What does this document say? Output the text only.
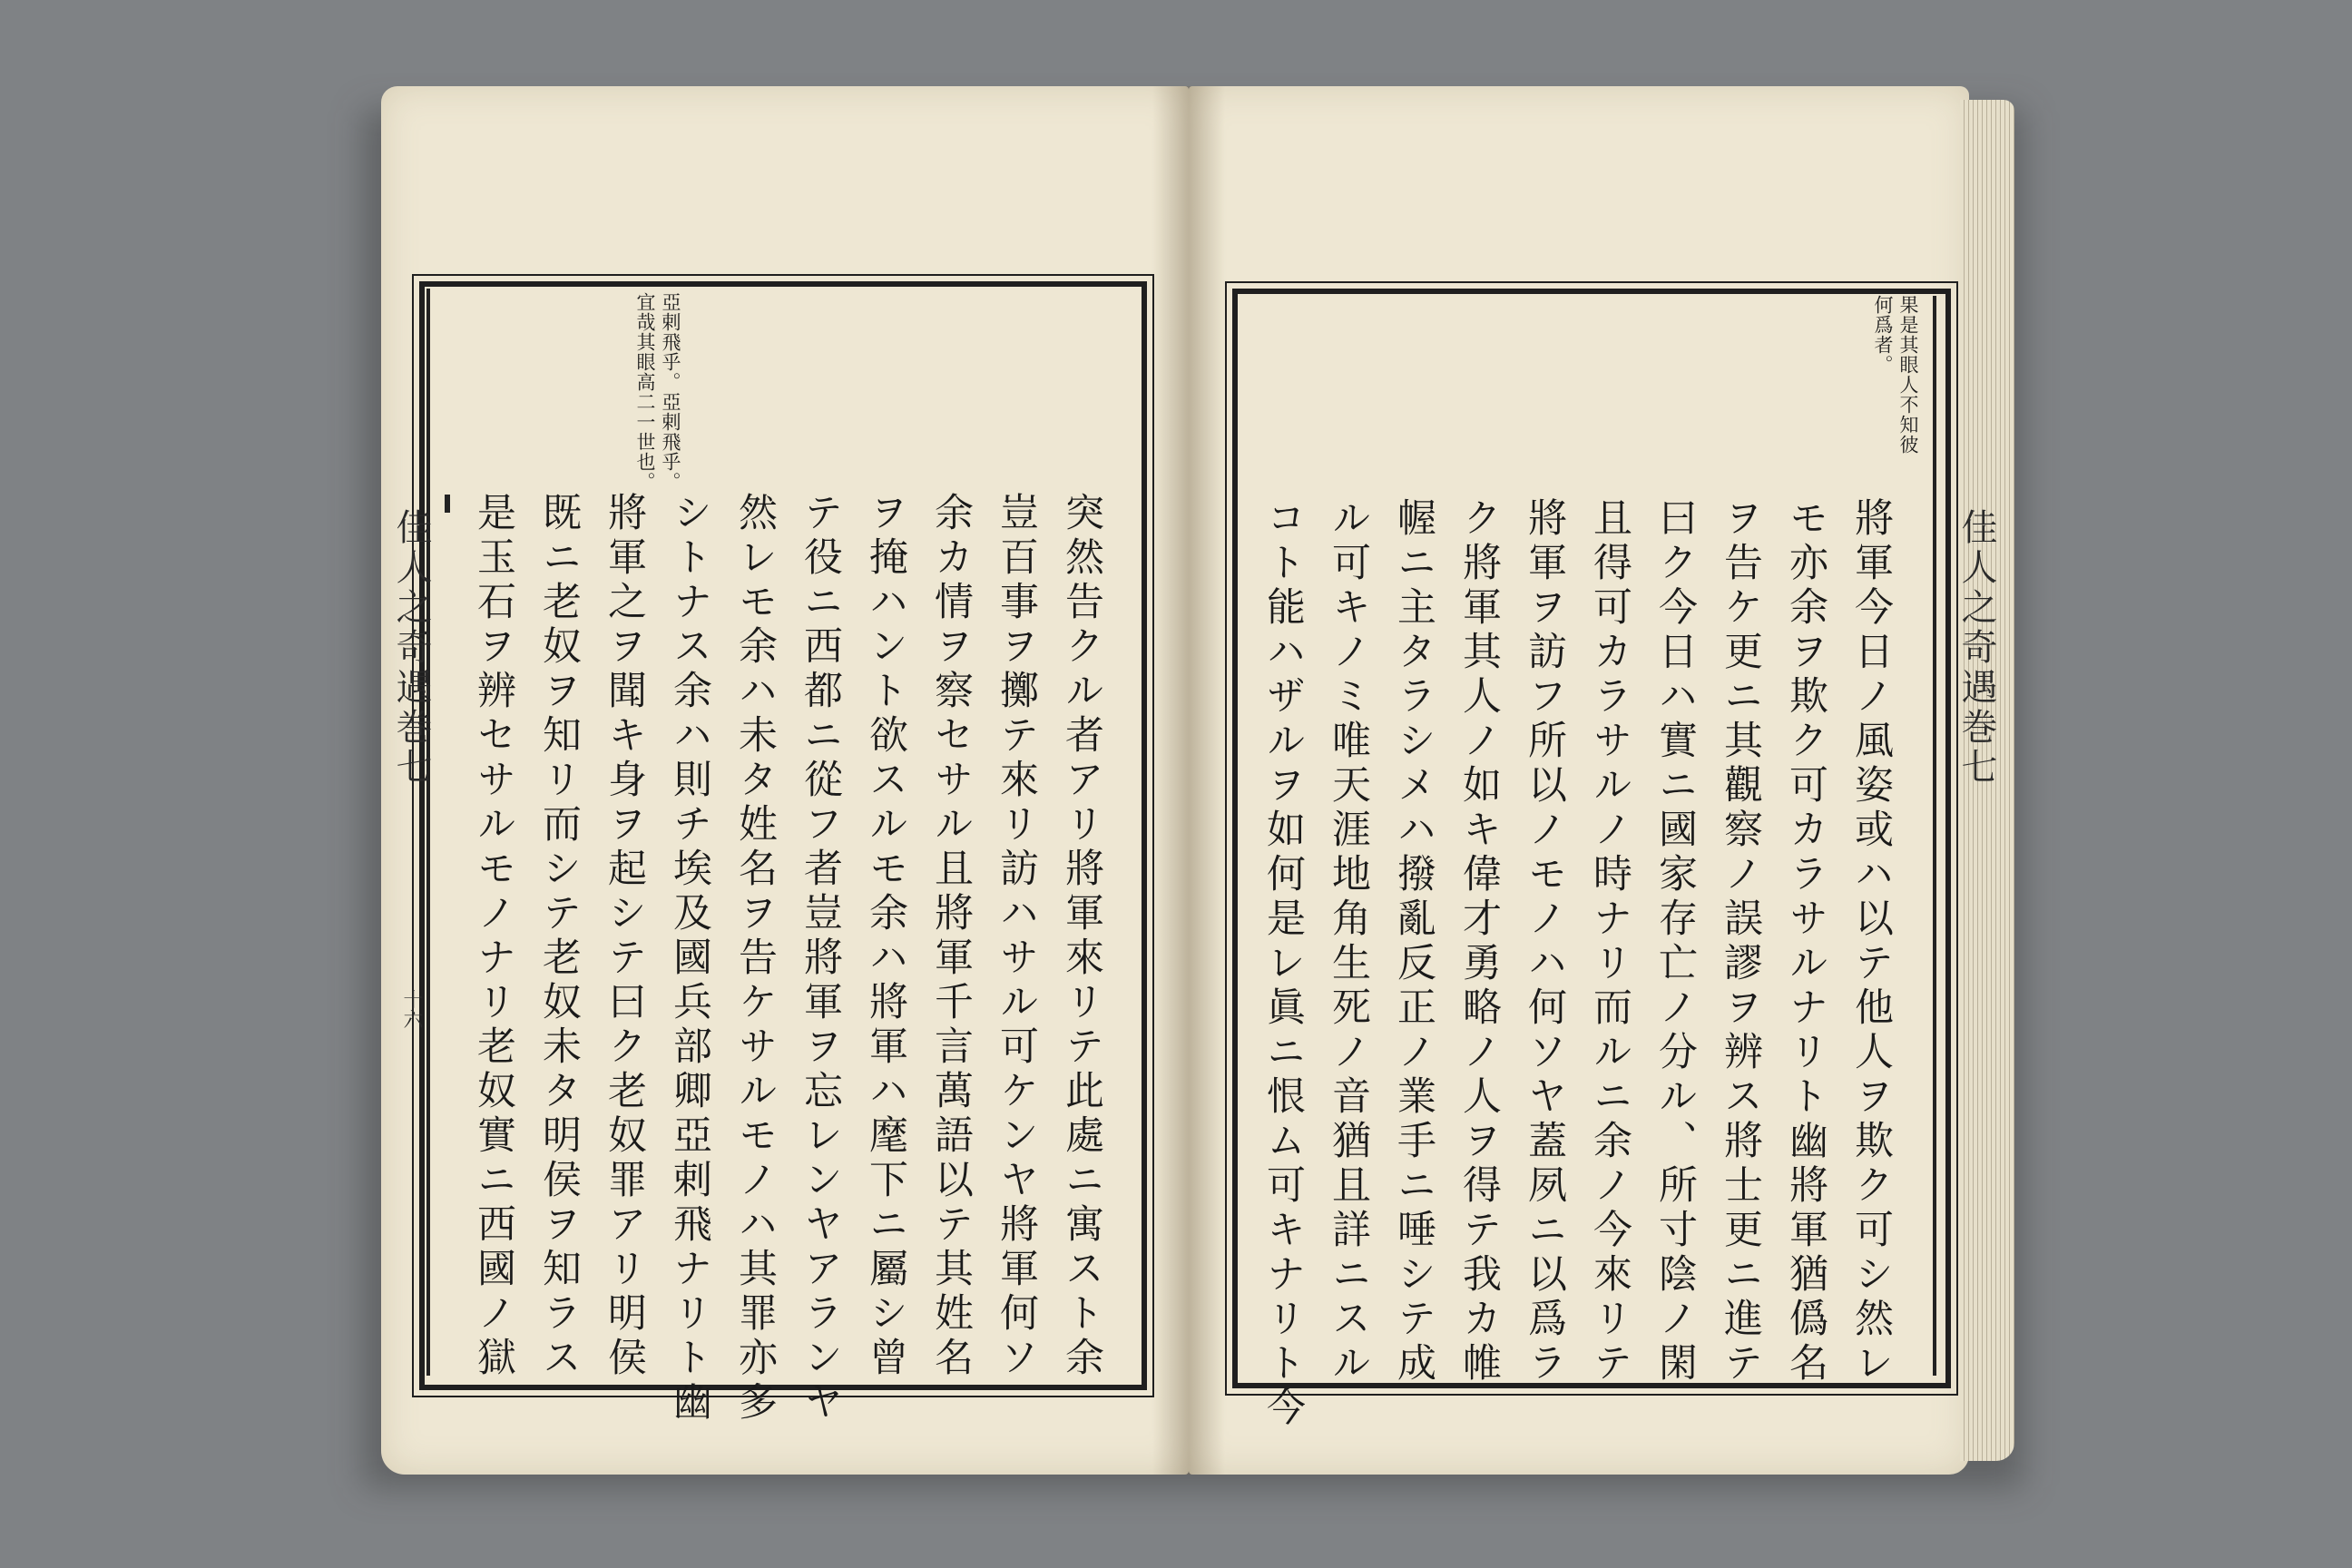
亞剌飛乎。亞剌飛乎。
宜哉其眼高二一世也。
佳人之奇遇巻七
十六	突然告クル者アリ將軍來リテ此處ニ寓スト余
豈百事ヲ擲テ來リ訪ハサル可ケンヤ將軍何ソ
余カ情ヲ察セサル且將軍千言萬語以テ其姓名
ヲ掩ハント欲スルモ余ハ將軍ハ麾下ニ屬シ曾
テ役ニ西都ニ從フ者豈將軍ヲ忘レンヤアランヤ
然レモ余ハ未タ姓名ヲ告ケサルモノハ其罪亦多
シトナス余ハ則チ埃及國兵部卿亞剌飛ナリト幽
將軍之ヲ聞キ身ヲ起シテ曰ク老奴罪アリ明侯
既ニ老奴ヲ知リ而シテ老奴未タ明侯ヲ知ラス
是玉石ヲ辨セサルモノナリ老奴實ニ西國ノ獄
果是其眼人不知彼
何爲者。
佳人之奇遇巻七
將軍今日ノ風姿或ハ以テ他人ヲ欺ク可シ然レ
モ亦余ヲ欺ク可カラサルナリト幽將軍猶僞名
ヲ告ケ更ニ其觀察ノ誤謬ヲ辨ス將士更ニ進テ
曰ク今日ハ實ニ國家存亡ノ分ル、所寸陰ノ閑
且得可カラサルノ時ナリ而ルニ余ノ今來リテ
將軍ヲ訪フ所以ノモノハ何ソヤ蓋夙ニ以爲ラ
ク將軍其人ノ如キ偉才勇略ノ人ヲ得テ我カ帷
幄ニ主タラシメハ撥亂反正ノ業手ニ唾シテ成
ル可キノミ唯天涯地角生死ノ音猶且詳ニスル
コト能ハザルヲ如何是レ眞ニ恨ム可キナリト今
